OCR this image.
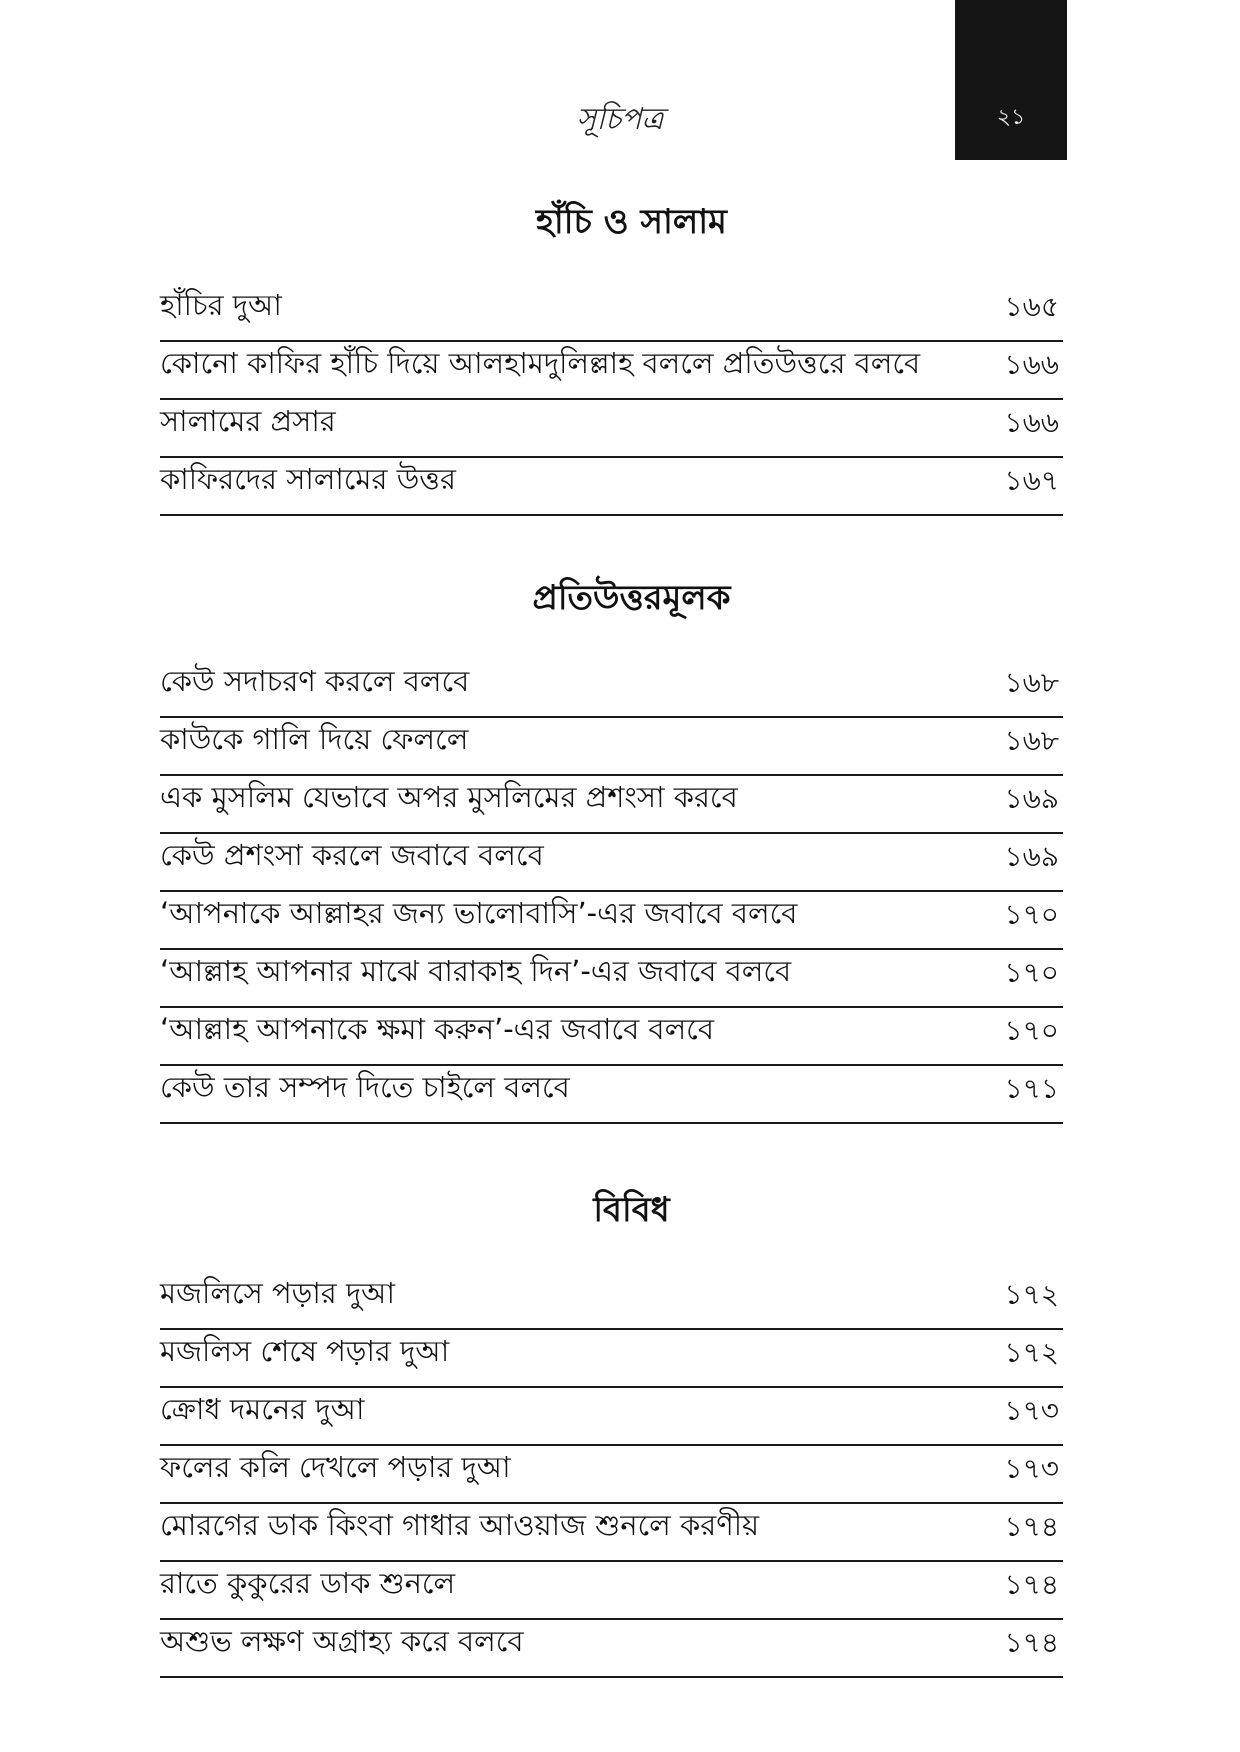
২১
সূচিপত্র
হাঁচি ও সালাম
হাঁচির দুআ	১৬৫
কোনো কাফির হাঁচি দিয়ে আলহামদুলিল্লাহ বললে প্রতিউত্তরে বলবে	১৬৬
সালামের প্রসার	১৬৬
কাফিরদের সালামের উত্তর	১৬৭
প্রতিউত্তরমূলক
কেউ সদাচরণ করলে বলবে	১৬৮
কাউকে গালি দিয়ে ফেললে	১৬৮
এক মুসলিম যেভাবে অপর মুসলিমের প্রশংসা করবে	১৬৯
কেউ প্রশংসা করলে জবাবে বলবে	১৬৯
‘আপনাকে আল্লাহর জন্য ভালোবাসি’-এর জবাবে বলবে	১৭০
‘আল্লাহ আপনার মাঝে বারাকাহ দিন’-এর জবাবে বলবে	১৭০
‘আল্লাহ আপনাকে ক্ষমা করুন’-এর জবাবে বলবে	১৭০
কেউ তার সম্পদ দিতে চাইলে বলবে	১৭১
বিবিধ
মজলিসে পড়ার দুআ	১৭২
মজলিস শেষে পড়ার দুআ	১৭২
ক্রোধ দমনের দুআ	১৭৩
ফলের কলি দেখলে পড়ার দুআ	১৭৩
মোরগের ডাক কিংবা গাধার আওয়াজ শুনলে করণীয়	১৭৪
রাতে কুকুরের ডাক শুনলে	১৭৪
অশুভ লক্ষণ অগ্রাহ্য করে বলবে	১৭৪
